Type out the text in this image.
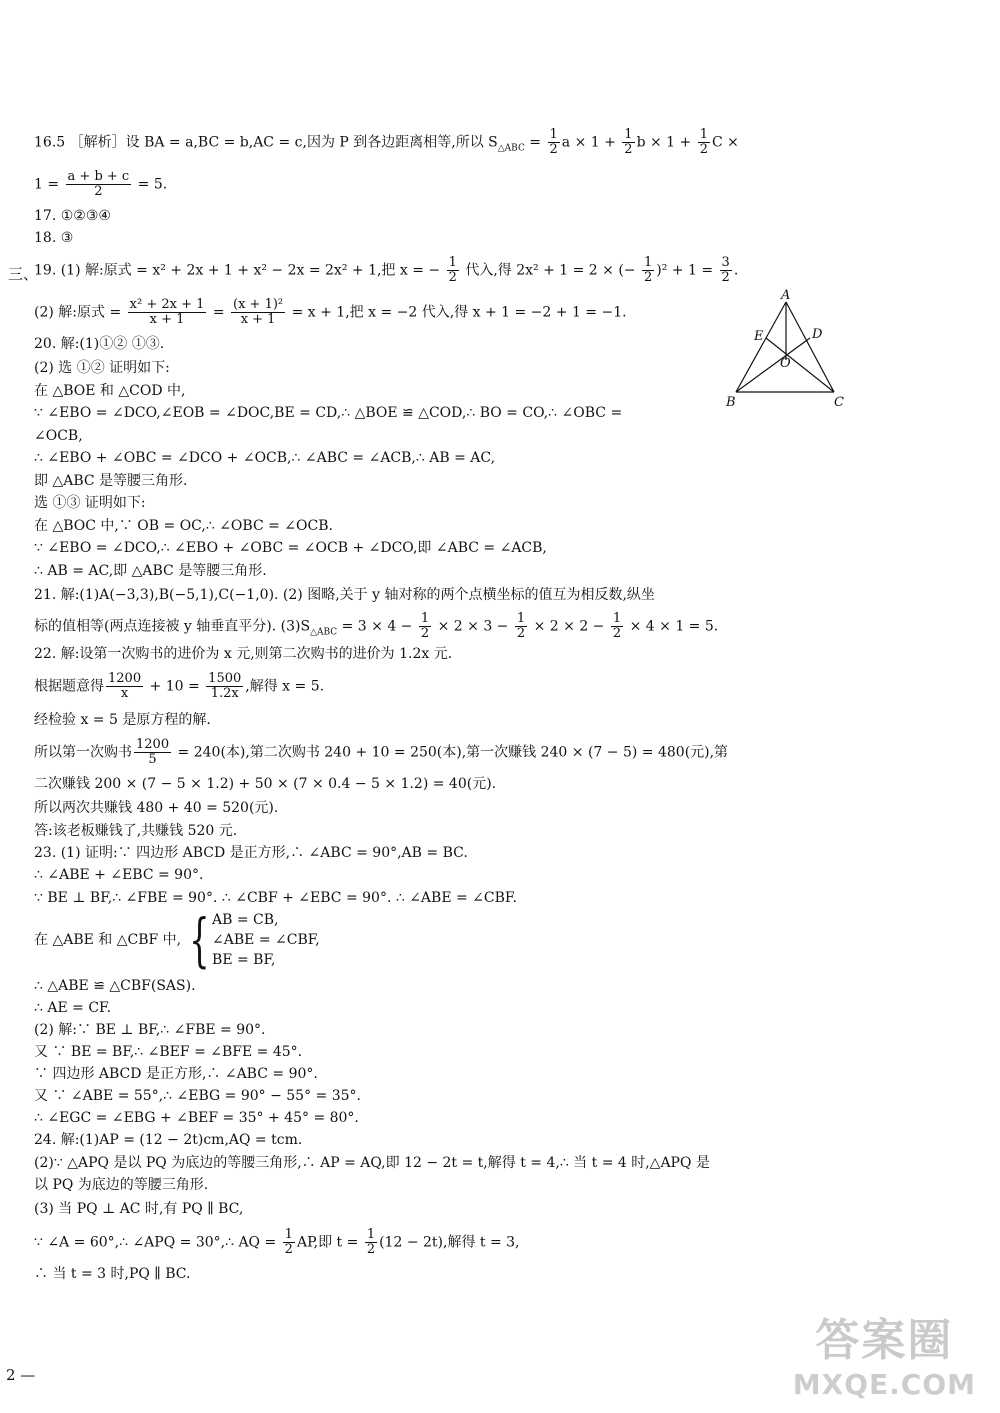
三、
2 —
16.5 ［解析］设 BA = a,BC = b,AC = c,因为 P 到各边距离相等,所以 $S_{\triangle ABC} = \frac{1}{2}$ $a \times 1 + \frac{1}{2}$ $b \times 1 + \frac{1}{2}$ C ×
$1 = \frac{a + b + c}{2} = 5$.
17. ①②③④
18. ③
19. (1) 解:原式 = x² + 2x + 1 + x² − 2x = 2x² + 1,把 x = − $\frac{1}{2}$ 代入,得 2x² + 1 = 2 × (− $\frac{1}{2} )^2 + 1 = \frac{3}{2}$ .
(2) 解:原式 = $\frac{\text{x² + 2x + 1}}{x + 1} = \frac{\text{(x + 1)²}}{x + 1} = x + 1$,把 x = −2 代入,得 x + 1 = −2 + 1 = −1.
A
B	C
D
E
O
20. 解:(1)①② ①③.
(2) 选 ①② 证明如下:
在 △BOE 和 △COD 中,
∵ ∠EBO = ∠DCO,∠EOB = ∠DOC,BE = CD,∴ △BOE ≌ △COD,∴ BO = CO,∴ ∠OBC =
∠OCB,
∴ ∠EBO + ∠OBC = ∠DCO + ∠OCB,∴ ∠ABC = ∠ACB,∴ AB = AC,
即 △ABC 是等腰三角形.
选 ①③ 证明如下:
在 △BOC 中,∵ OB = OC,∴ ∠OBC = ∠OCB.
∵ ∠EBO = ∠DCO,∴ ∠EBO + ∠OBC = ∠OCB + ∠DCO,即 ∠ABC = ∠ACB,
∴ AB = AC,即 △ABC 是等腰三角形.
21. 解:(1)A(−3,3),B(−5,1),C(−1,0). (2) 图略,关于 y 轴对称的两个点横坐标的值互为相反数,纵坐
标的值相等(两点连接被 y 轴垂直平分). $(3)S_{\triangle ABC} = 3 \times 4 - \frac{1}{2} \times 2 \times 3 - \frac{1}{2} \times 2 \times 2 - \frac{1}{2} \times 4 \times 1 = 5$.
22. 解:设第一次购书的进价为 x 元,则第二次购书的进价为 1.2x 元.
根据题意得 $\frac{1200}{x} + 10 = \frac{1500}{1.2x}$ ,解得 x = 5.
经检验 x = 5 是原方程的解.
所以第一次购书 $\frac{1200}{5} = 240$(本),第二次购书 240 + 10 = 250(本),第一次赚钱 240 × (7 − 5) = 480(元),第
二次赚钱 200 × (7 − 5 × 1.2) + 50 × (7 × 0.4 − 5 × 1.2) = 40(元).
所以两次共赚钱 480 + 40 = 520(元).
答:该老板赚钱了,共赚钱 520 元.
23. (1) 证明:∵ 四边形 ABCD 是正方形,∴ ∠ABC = 90°,AB = BC.
∴ ∠ABE + ∠EBC = 90°.
∵ BE ⊥ BF,∴ ∠FBE = 90°. ∴ ∠CBF + ∠EBC = 90°. ∴ ∠ABE = ∠CBF.
在 △ABE 和 △CBF 中, { AB = CB,
∠ABE = ∠CBF,
BE = BF,
∴ △ABE ≌ △CBF(SAS).
∴ AE = CF.
(2) 解:∵ BE ⊥ BF,∴ ∠FBE = 90°.
又 ∵ BE = BF,∴ ∠BEF = ∠BFE = 45°.
∵ 四边形 ABCD 是正方形,∴ ∠ABC = 90°.
又 ∵ ∠ABE = 55°,∴ ∠EBG = 90° − 55° = 35°.
∴ ∠EGC = ∠EBG + ∠BEF = 35° + 45° = 80°.
24. 解:(1)AP = (12 − 2t)cm,AQ = tcm.
(2)∵ △APQ 是以 PQ 为底边的等腰三角形,∴ AP = AQ,即 12 − 2t = t,解得 t = 4,∴ 当 t = 4 时,△APQ 是
以 PQ 为底边的等腰三角形.
(3) 当 PQ ⊥ AC 时,有 PQ ∥ BC,
∵ ∠A = 60°,∴ ∠APQ = 30°,∴ AQ = $\frac{1}{2}$ AP,即 $t = \frac{1}{2} (12 - 2t)$,解得 t = 3,
∴ 当 t = 3 时,PQ ∥ BC.
答案圈
MXQE.COM
